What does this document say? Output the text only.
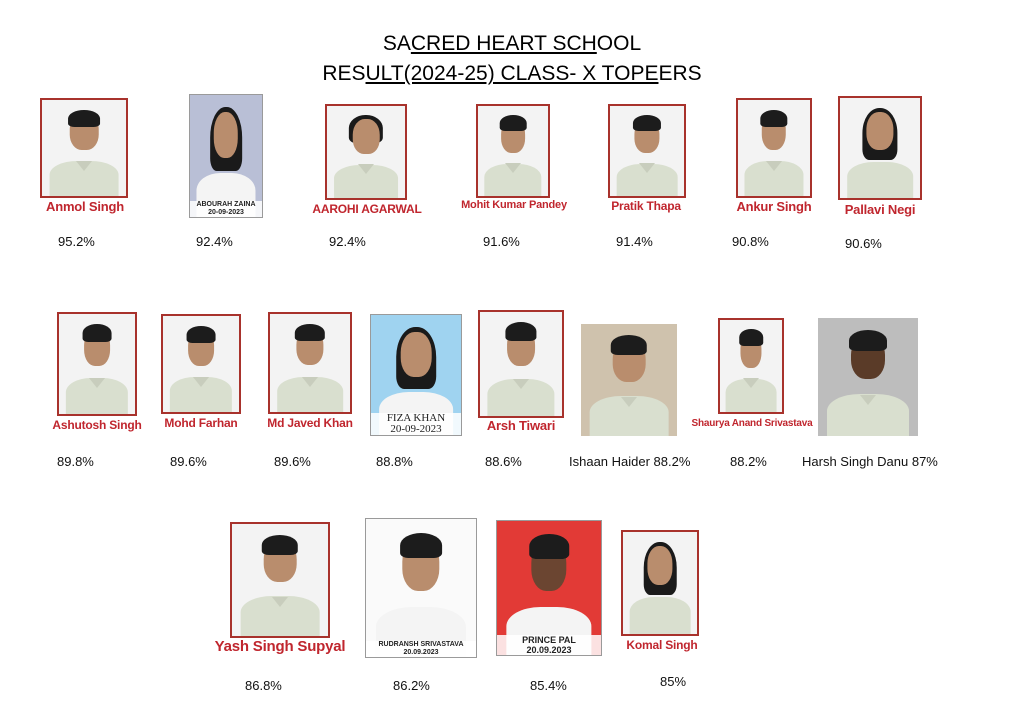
SACRED HEART SCHOOL
RESULT(2024-25) CLASS- X TOPEERS
Anmol Singh
95.2%
ABOURAH ZAINA
20-09-2023
92.4%
AAROHI AGARWAL
92.4%
Mohit Kumar Pandey
91.6%
Pratik Thapa
91.4%
Ankur Singh
90.8%
Pallavi Negi
90.6%
Ashutosh Singh
89.8%
Mohd Farhan
89.6%
Md Javed Khan
89.6%
FIZA KHAN
20-09-2023
88.8%
Arsh Tiwari
88.6%	Ishaan Haider 88.2%
Shaurya Anand Srivastava
88.2%	Harsh Singh Danu 87%
Yash Singh Supyal
86.8%
RUDRANSH SRIVASTAVA
20.09.2023
86.2%
PRINCE PAL
20.09.2023
85.4%
Komal Singh
85%
